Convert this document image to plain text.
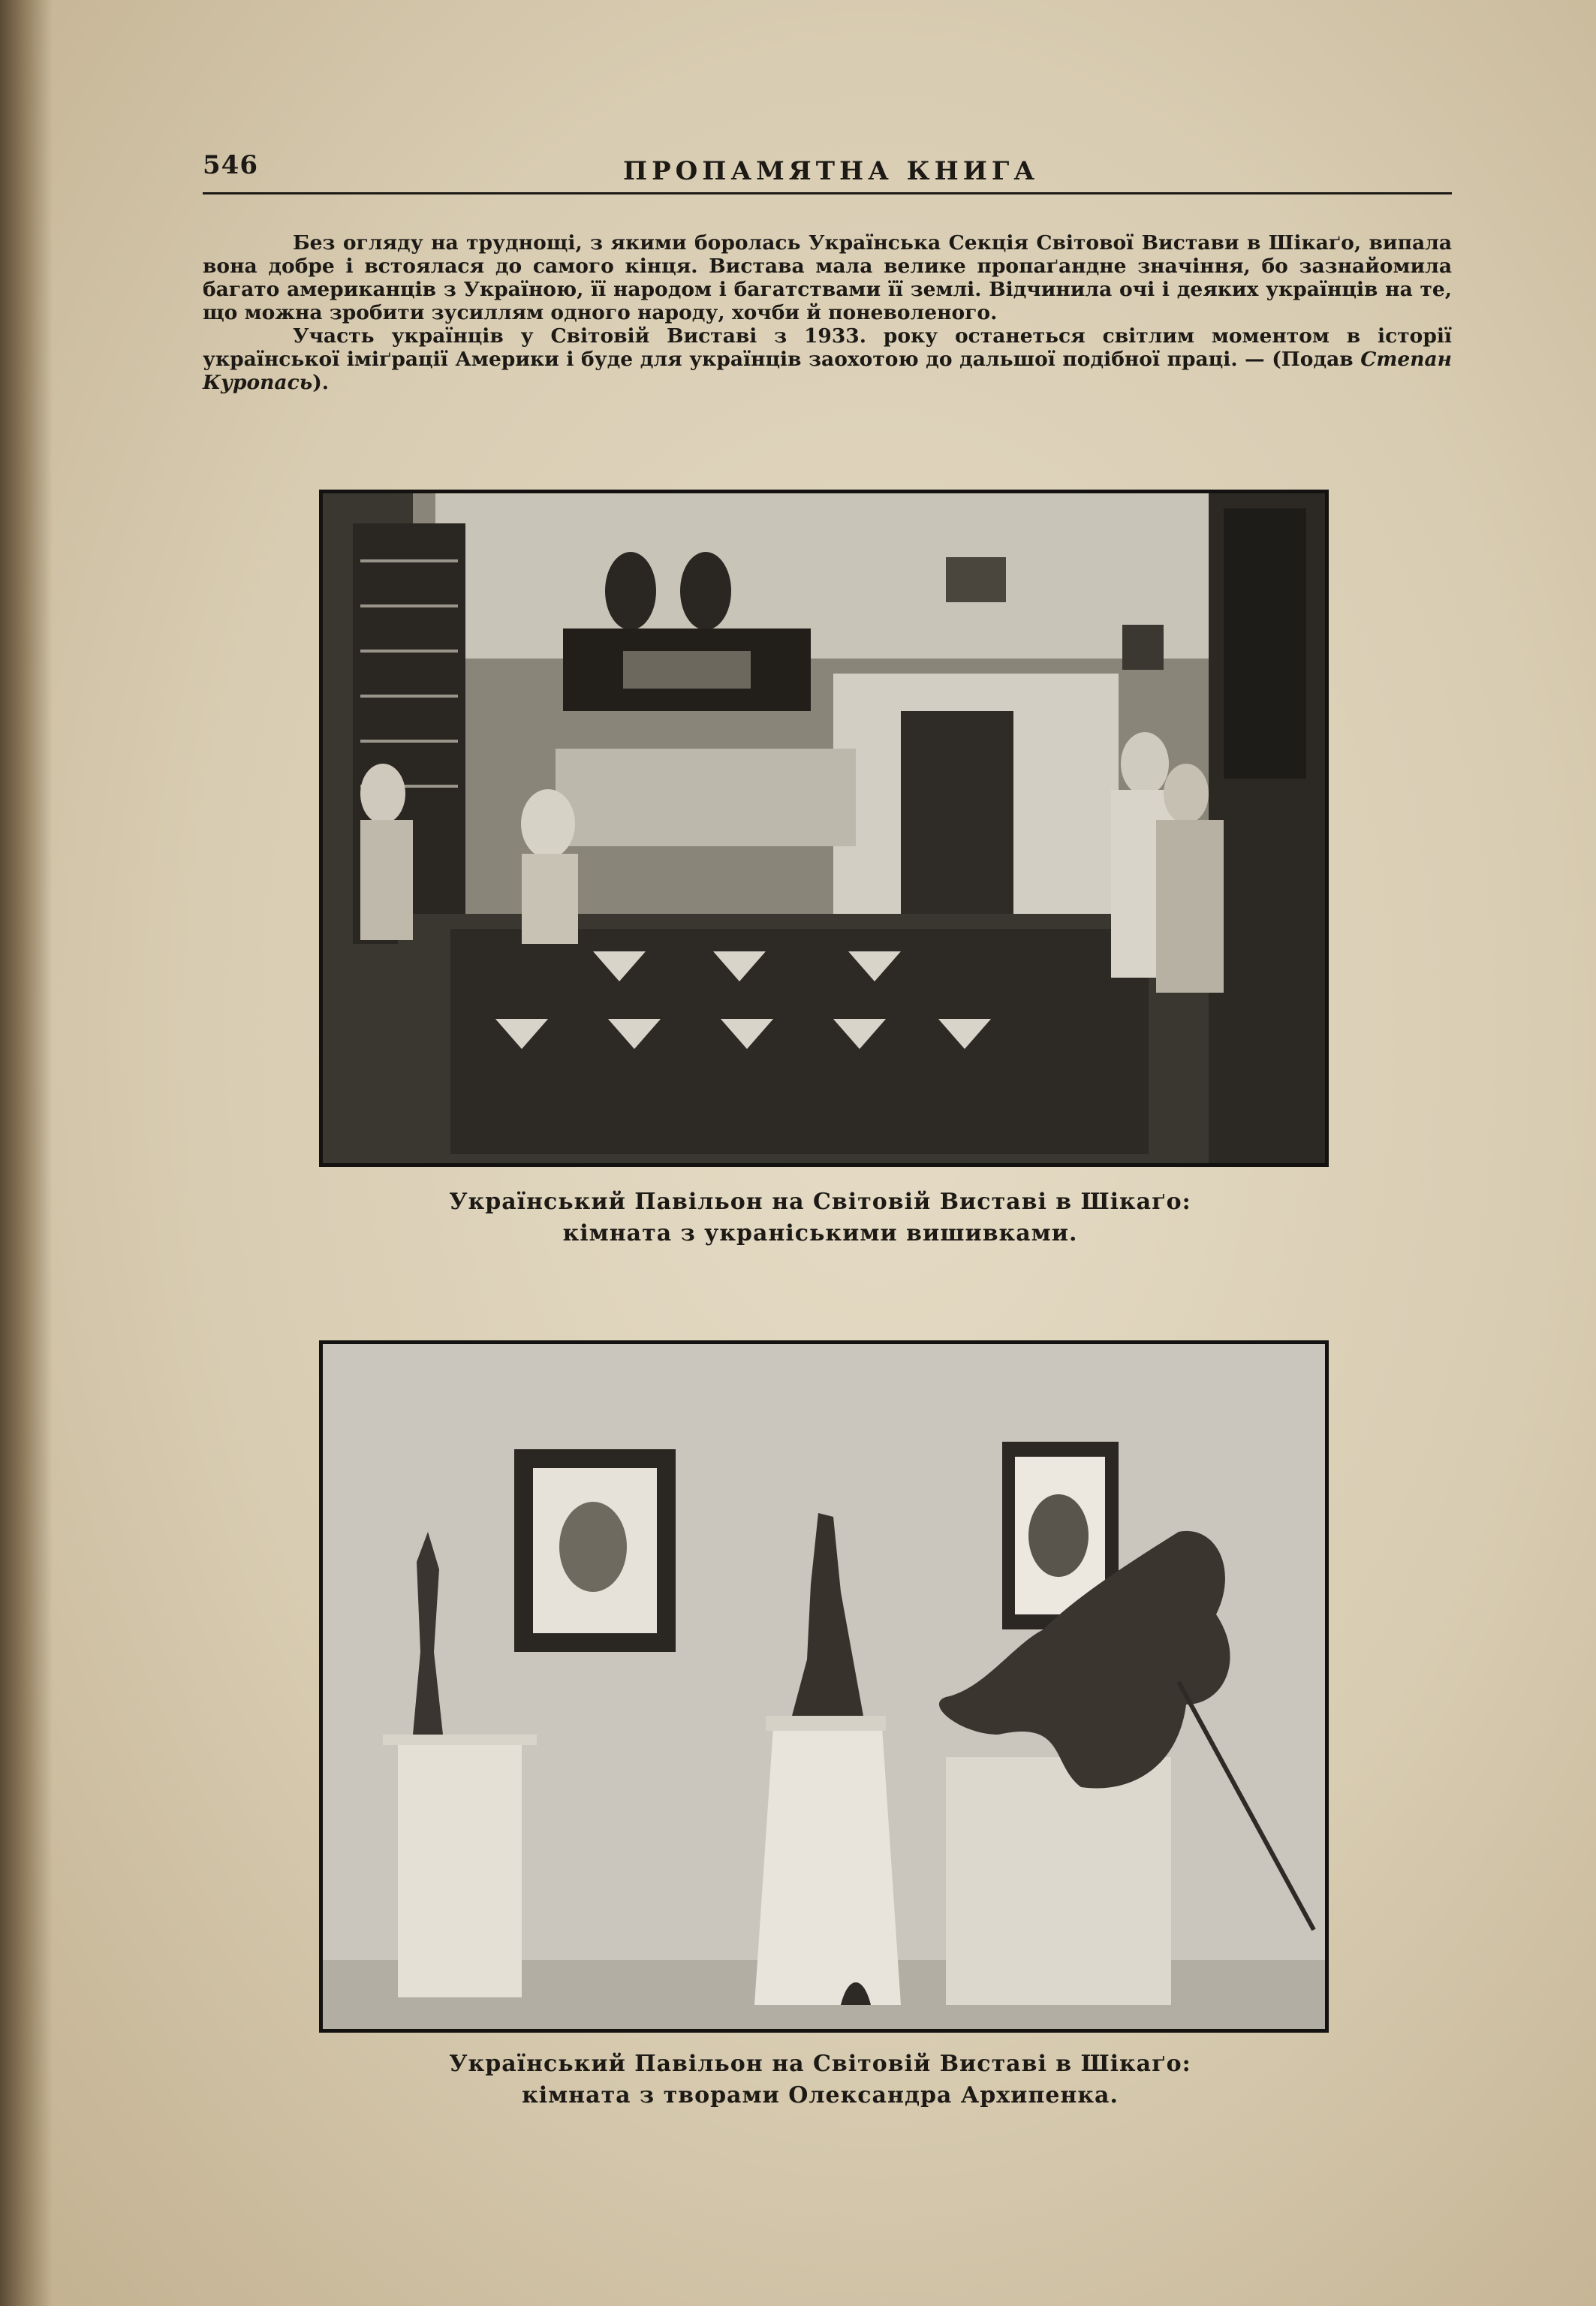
546	ПРОПАМЯТНА КНИГА

Без огляду на труднощі, з якими боролась Українська Секція Світової Вистави в Шікаґо, випала вона добре і встоялася до самого кінця. Вистава мала велике пропаґандне значіння, бо зазнайомила багато американців з Україною, її народом і багатствами її землі. Відчинила очі і деяких українців на те, що можна зробити зусиллям одного народу, хочби й поневоленого.

Участь українців у Світовій Виставі з 1933. року останеться світлим моментом в історії української іміґрації Америки і буде для українців заохотою до дальшої подібної праці. — (Подав Степан Куропась).

Український Павільон на Світовій Виставі в Шікаґо:
кімната з украніськими вишивками.
Український Павільон на Світовій Виставі в Шікаґо:
кімната з творами Олександра Архипенка.
